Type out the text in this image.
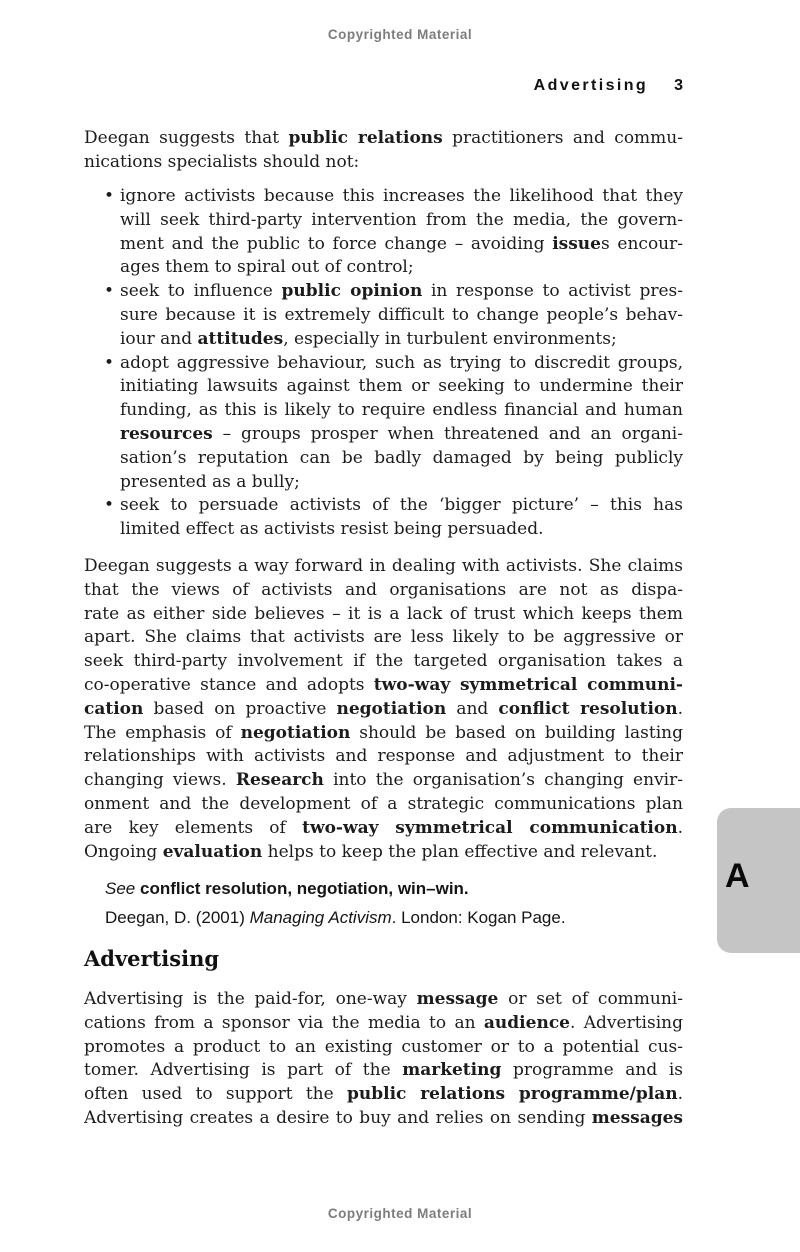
Copyrighted Material
Advertising 3
Deegan suggests that public relations practitioners and commu-
nications specialists should not:
• ignore activists because this increases the likelihood that they
will seek third-party intervention from the media, the govern-
ment and the public to force change – avoiding issues encour-
ages them to spiral out of control;
• seek to influence public opinion in response to activist pres-
sure because it is extremely difficult to change people’s behav-
iour and attitudes, especially in turbulent environments;
• adopt aggressive behaviour, such as trying to discredit groups,
initiating lawsuits against them or seeking to undermine their
funding, as this is likely to require endless financial and human
resources – groups prosper when threatened and an organi-
sation’s reputation can be badly damaged by being publicly
presented as a bully;
• seek to persuade activists of the ‘bigger picture’ – this has
limited effect as activists resist being persuaded.
Deegan suggests a way forward in dealing with activists. She claims
that the views of activists and organisations are not as dispa-
rate as either side believes – it is a lack of trust which keeps them
apart. She claims that activists are less likely to be aggressive or
seek third-party involvement if the targeted organisation takes a
co-operative stance and adopts two-way symmetrical communi-
cation based on proactive negotiation and conflict resolution.
The emphasis of negotiation should be based on building lasting
relationships with activists and response and adjustment to their
changing views. Research into the organisation’s changing envir-
onment and the development of a strategic communications plan
are key elements of two-way symmetrical communication.
Ongoing evaluation helps to keep the plan effective and relevant.
See conflict resolution, negotiation, win–win.
Deegan, D. (2001) Managing Activism. London: Kogan Page.
Advertising
Advertising is the paid-for, one-way message or set of communi-
cations from a sponsor via the media to an audience. Advertising
promotes a product to an existing customer or to a potential cus-
tomer. Advertising is part of the marketing programme and is
often used to support the public relations programme/plan.
Advertising creates a desire to buy and relies on sending messages
Copyrighted Material
A
